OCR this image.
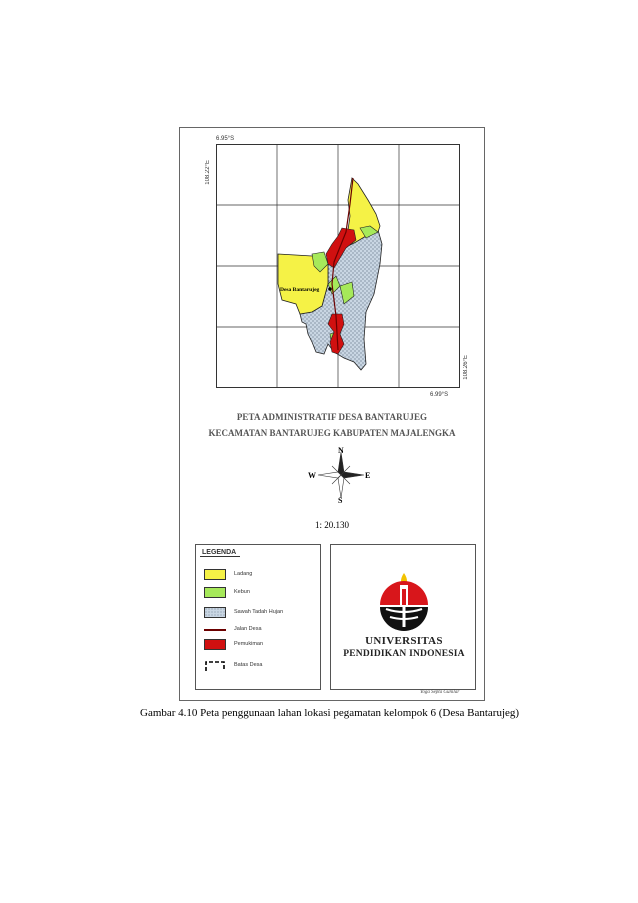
Desa Bantarujeg
6.95°S
108.22°E
108.26°E
6.99°S
PETA ADMINISTRATIF DESA BANTARUJEG
KECAMATAN BANTARUJEG KABUPATEN MAJALENGKA
N
S
W	E
1: 20.130
LEGENDA
Ladang
Kebun
Sawah Tadah Hujan
Jalan Desa
Pemukiman
Batas Desa
UNIVERSITAS
PENDIDIKAN INDONESIA
Yoga Septa Gunilar
Gambar 4.10 Peta penggunaan lahan lokasi pegamatan kelompok 6 (Desa Bantarujeg)
